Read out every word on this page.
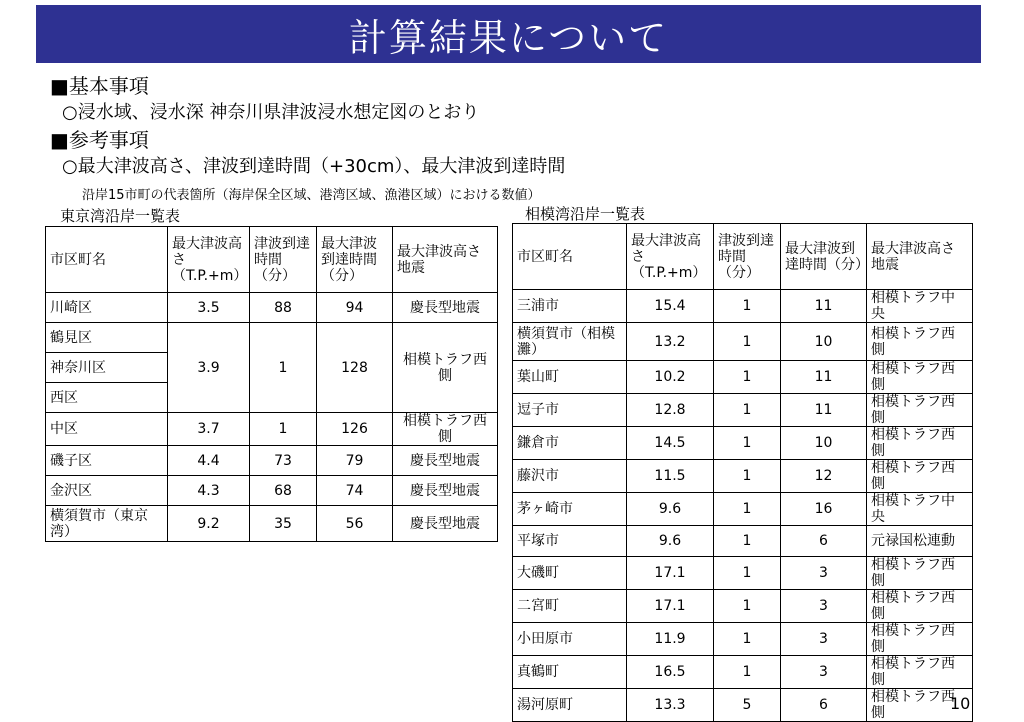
計算結果について
■基本事項
○浸水域、浸水深 神奈川県津波浸水想定図のとおり
■参考事項
○最大津波高さ、津波到達時間（+30cm）、最大津波到達時間
沿岸15市町の代表箇所（海岸保全区域、港湾区域、漁港区域）における数値）
東京湾沿岸一覧表	相模湾沿岸一覧表
市区町名	最大津波高さ（T.P.+m）	津波到達時間（分）	最大津波到達時間（分）	最大津波高さ地震
川崎区	3.5	88	94	慶長型地震
鶴見区	3.9	1	128	相模トラフ西側
神奈川区				
西区				
中区	3.7	1	126	相模トラフ西側
磯子区	4.4	73	79	慶長型地震
金沢区	4.3	68	74	慶長型地震
横須賀市（東京湾）	9.2	35	56	慶長型地震
市区町名	最大津波高さ（T.P.+m）	津波到達時間（分）	最大津波到達時間（分）	最大津波高さ地震
三浦市	15.4	1	11	相模トラフ中央
横須賀市（相模灘）	13.2	1	10	相模トラフ西側
葉山町	10.2	1	11	相模トラフ西側
逗子市	12.8	1	11	相模トラフ西側
鎌倉市	14.5	1	10	相模トラフ西側
藤沢市	11.5	1	12	相模トラフ西側
茅ヶ崎市	9.6	1	16	相模トラフ中央
平塚市	9.6	1	6	元禄国松連動
大磯町	17.1	1	3	相模トラフ西側
二宮町	17.1	1	3	相模トラフ西側
小田原市	11.9	1	3	相模トラフ西側
真鶴町	16.5	1	3	相模トラフ西側
湯河原町	13.3	5	6	相模トラフ西側	10
